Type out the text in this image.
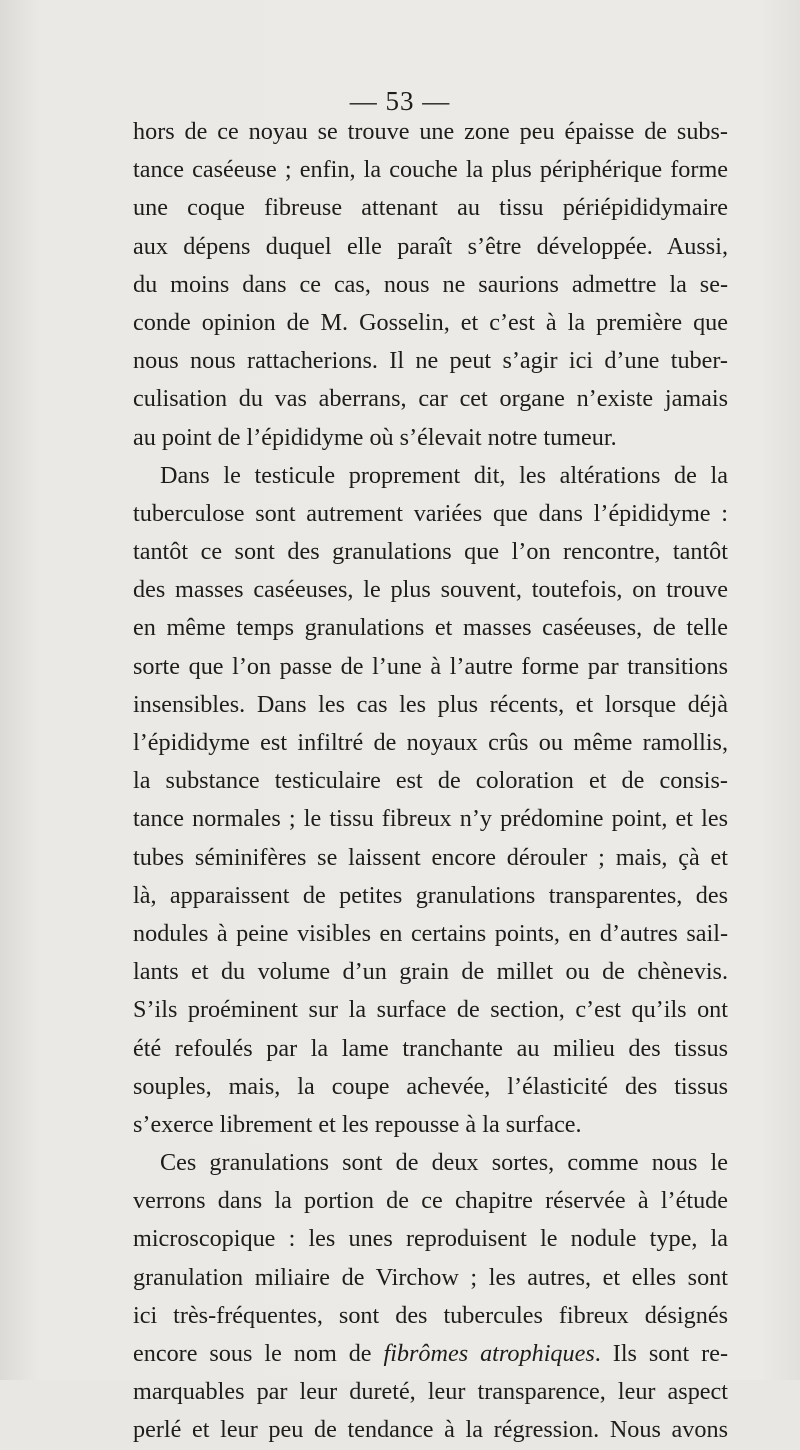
— 53 —
hors de ce noyau se trouve une zone peu épaisse de subs-
tance caséeuse ; enfin, la couche la plus périphérique forme
une coque fibreuse attenant au tissu périépididymaire
aux dépens duquel elle paraît s’être développée. Aussi,
du moins dans ce cas, nous ne saurions admettre la se-
conde opinion de M. Gosselin, et c’est à la première que
nous nous rattacherions. Il ne peut s’agir ici d’une tuber-
culisation du vas aberrans, car cet organe n’existe jamais
au point de l’épididyme où s’élevait notre tumeur.
Dans le testicule proprement dit, les altérations de la
tuberculose sont autrement variées que dans l’épididyme :
tantôt ce sont des granulations que l’on rencontre, tantôt
des masses caséeuses, le plus souvent, toutefois, on trouve
en même temps granulations et masses caséeuses, de telle
sorte que l’on passe de l’une à l’autre forme par transitions
insensibles. Dans les cas les plus récents, et lorsque déjà
l’épididyme est infiltré de noyaux crûs ou même ramollis,
la substance testiculaire est de coloration et de consis-
tance normales ; le tissu fibreux n’y prédomine point, et les
tubes séminifères se laissent encore dérouler ; mais, çà et
là, apparaissent de petites granulations transparentes, des
nodules à peine visibles en certains points, en d’autres sail-
lants et du volume d’un grain de millet ou de chènevis.
S’ils proéminent sur la surface de section, c’est qu’ils ont
été refoulés par la lame tranchante au milieu des tissus
souples, mais, la coupe achevée, l’élasticité des tissus
s’exerce librement et les repousse à la surface.
Ces granulations sont de deux sortes, comme nous le
verrons dans la portion de ce chapitre réservée à l’étude
microscopique : les unes reproduisent le nodule type, la
granulation miliaire de Virchow ; les autres, et elles sont
ici très-fréquentes, sont des tubercules fibreux désignés
encore sous le nom de fibrômes atrophiques. Ils sont re-
marquables par leur dureté, leur transparence, leur aspect
perlé et leur peu de tendance à la régression. Nous avons
